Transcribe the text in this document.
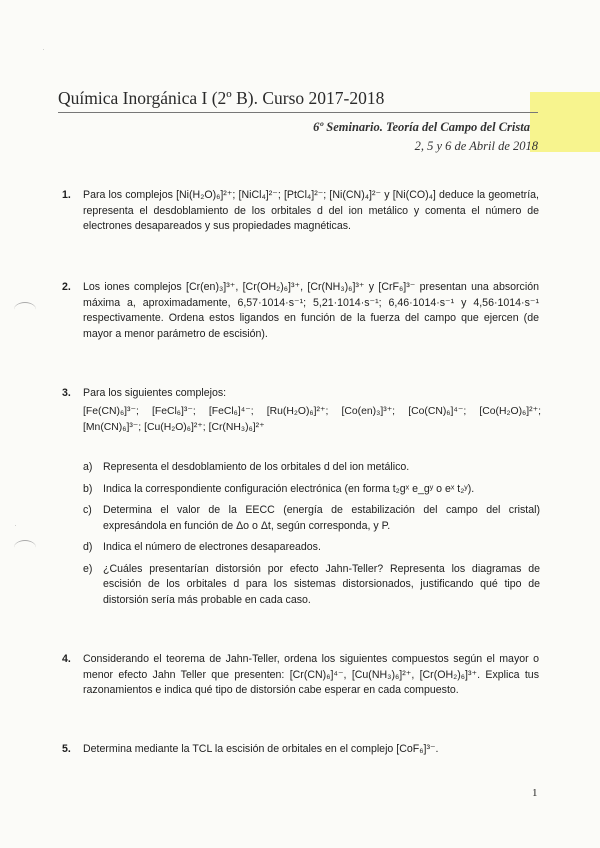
·
·
Química Inorgánica I (2º B). Curso 2017-2018
6º Seminario. Teoría del Campo del Crista
2, 5 y 6 de Abril de 2018
1. Para los complejos [Ni(H₂O)₆]²⁺; [NiCl₄]²⁻; [PtCl₄]²⁻; [Ni(CN)₄]²⁻ y [Ni(CO)₄] deduce la geometría, representa el desdoblamiento de los orbitales d del ion metálico y comenta el número de electrones desapareados y sus propiedades magnéticas.
2. Los iones complejos [Cr(en)₃]³⁺, [Cr(OH₂)₆]³⁺, [Cr(NH₃)₆]³⁺ y [CrF₆]³⁻ presentan una absorción máxima a, aproximadamente, 6,57·1014·s⁻¹; 5,21·1014·s⁻¹; 6,46·1014·s⁻¹ y 4,56·1014·s⁻¹ respectivamente. Ordena estos ligandos en función de la fuerza del campo que ejercen (de mayor a menor parámetro de escisión).
3. Para los siguientes complejos:
[Fe(CN)₆]³⁻; [FeCl₆]³⁻; [FeCl₆]⁴⁻; [Ru(H₂O)₆]²⁺; [Co(en)₃]³⁺; [Co(CN)₆]⁴⁻; [Co(H₂O)₆]²⁺;
[Mn(CN)₆]³⁻; [Cu(H₂O)₆]²⁺; [Cr(NH₃)₆]²⁺
a) Representa el desdoblamiento de los orbitales d del ion metálico.
b) Indica la correspondiente configuración electrónica (en forma t₂gˣ e_gʸ o eˣ t₂ʸ).
c)	Determina el valor de la EECC (energía de estabilización del campo del cristal) expresándola en función de Δo o Δt, según corresponda, y P.
d) Indica el número de electrones desapareados.
e) ¿Cuáles presentarían distorsión por efecto Jahn-Teller? Representa los diagramas de escisión de los orbitales d para los sistemas distorsionados, justificando qué tipo de distorsión sería más probable en cada caso.
4. Considerando el teorema de Jahn-Teller, ordena los siguientes compuestos según el mayor o menor efecto Jahn Teller que presenten: [Cr(CN)₆]⁴⁻, [Cu(NH₃)₆]²⁺, [Cr(OH₂)₆]³⁺. Explica tus razonamientos e indica qué tipo de distorsión cabe esperar en cada compuesto.
5. Determina mediante la TCL la escisión de orbitales en el complejo [CoF₆]³⁻.
1
